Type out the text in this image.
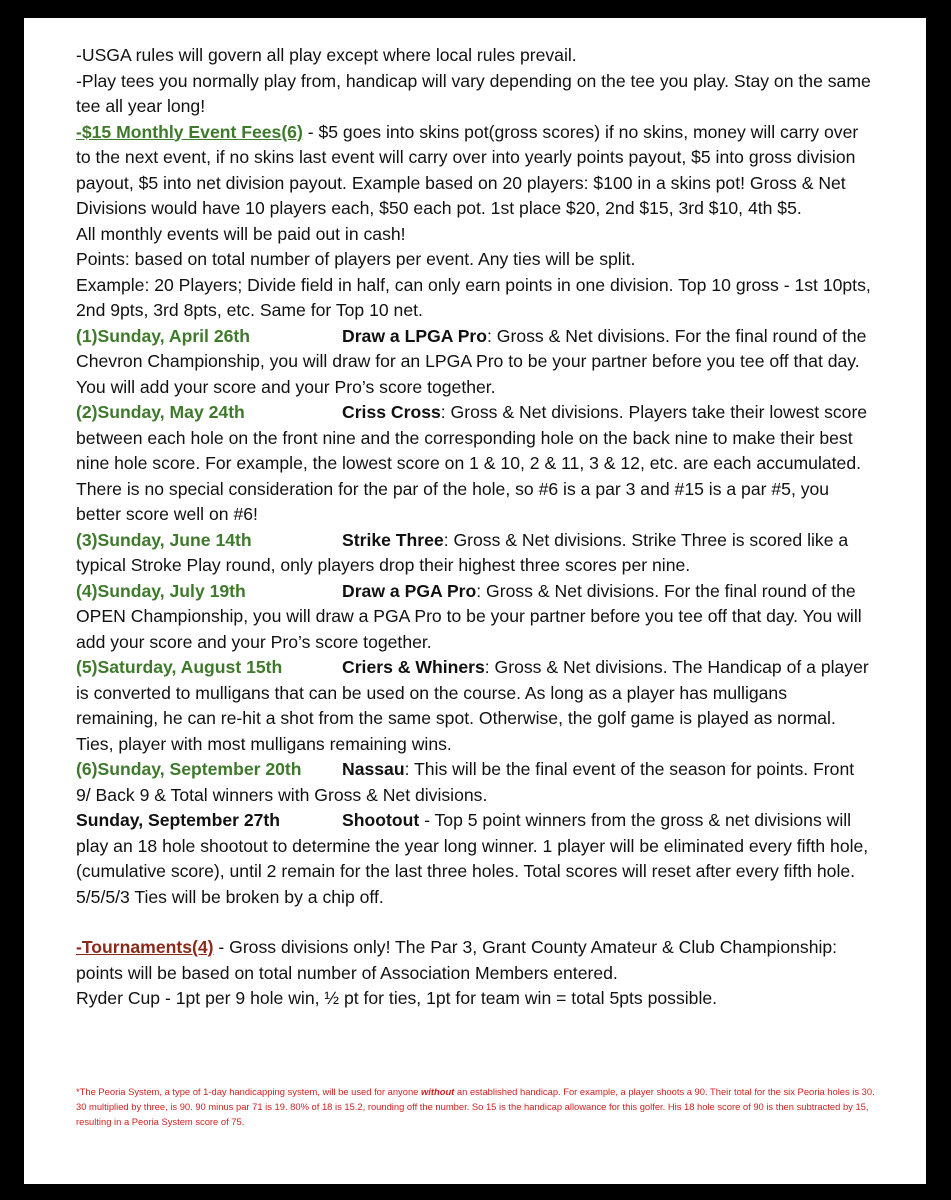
-USGA rules will govern all play except where local rules prevail.

-Play tees you normally play from, handicap will vary depending on the tee you play. Stay on the same tee all year long!

-$15 Monthly Event Fees(6) - $5 goes into skins pot(gross scores) if no skins, money will carry over to the next event, if no skins last event will carry over into yearly points payout, $5 into gross division payout, $5 into net division payout. Example based on 20 players: $100 in a skins pot! Gross & Net Divisions would have 10 players each, $50 each pot. 1st place $20, 2nd $15, 3rd $10, 4th $5.

All monthly events will be paid out in cash!

Points: based on total number of players per event. Any ties will be split.

Example: 20 Players; Divide field in half, can only earn points in one division. Top 10 gross - 1st 10pts, 2nd 9pts, 3rd 8pts, etc. Same for Top 10 net.

(1)Sunday, April 26th	Draw a LPGA Pro: Gross & Net divisions. For the final round of the Chevron Championship, you will draw for an LPGA Pro to be your partner before you tee off that day. You will add your score and your Pro’s score together.

(2)Sunday, May 24th	Criss Cross: Gross & Net divisions. Players take their lowest score between each hole on the front nine and the corresponding hole on the back nine to make their best nine hole score. For example, the lowest score on 1 & 10, 2 & 11, 3 & 12, etc. are each accumulated. There is no special consideration for the par of the hole, so #6 is a par 3 and #15 is a par #5, you better score well on #6!

(3)Sunday, June 14th	Strike Three: Gross & Net divisions. Strike Three is scored like a typical Stroke Play round, only players drop their highest three scores per nine.

(4)Sunday, July 19th	Draw a PGA Pro: Gross & Net divisions. For the final round of the OPEN Championship, you will draw a PGA Pro to be your partner before you tee off that day. You will add your score and your Pro’s score together.

(5)Saturday, August 15th	Criers & Whiners: Gross & Net divisions. The Handicap of a player is converted to mulligans that can be used on the course. As long as a player has mulligans remaining, he can re-hit a shot from the same spot. Otherwise, the golf game is played as normal. Ties, player with most mulligans remaining wins.

(6)Sunday, September 20th Nassau: This will be the final event of the season for points. Front 9/ Back 9 & Total winners with Gross & Net divisions.

Sunday, September 27th	Shootout - Top 5 point winners from the gross & net divisions will play an 18 hole shootout to determine the year long winner. 1 player will be eliminated every fifth hole, (cumulative score), until 2 remain for the last three holes. Total scores will reset after every fifth hole. 5/5/5/3 Ties will be broken by a chip off.

-Tournaments(4) - Gross divisions only! The Par 3, Grant County Amateur & Club Championship: points will be based on total number of Association Members entered.

Ryder Cup - 1pt per 9 hole win, ½ pt for ties, 1pt for team win = total 5pts possible.

*The Peoria System, a type of 1-day handicapping system, will be used for anyone without an established handicap. For example, a player shoots a 90. Their total for the six Peoria holes is 30. 30 multiplied by three, is 90. 90 minus par 71 is 19. 80% of 18 is 15.2, rounding off the number. So 15 is the handicap allowance for this golfer. His 18 hole score of 90 is then subtracted by 15, resulting in a Peoria System score of 75.
